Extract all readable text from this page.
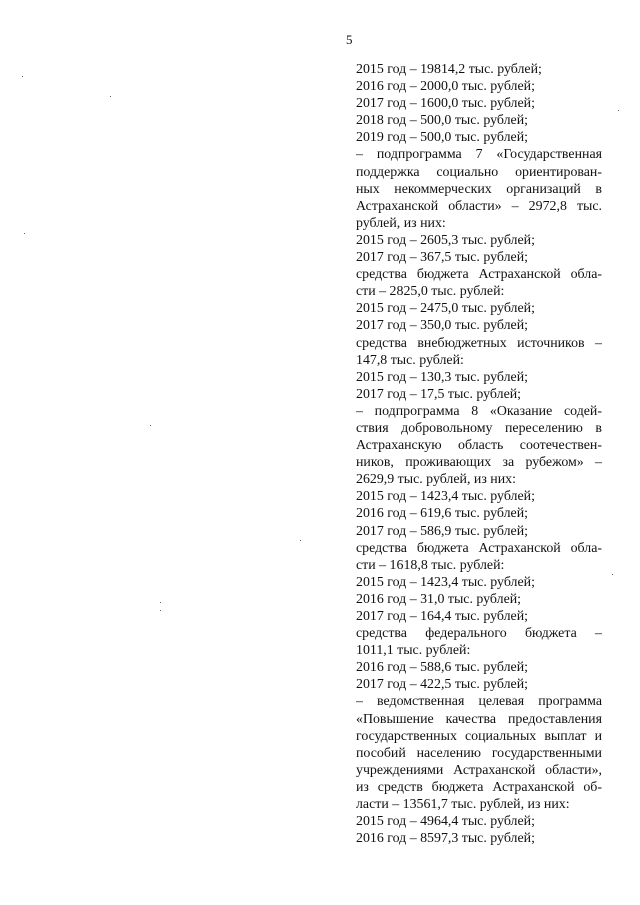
5
2015 год – 19814,2 тыс. рублей;
2016 год – 2000,0 тыс. рублей;
2017 год – 1600,0 тыс. рублей;
2018 год – 500,0 тыс. рублей;
2019 год – 500,0 тыс. рублей;
– подпрограмма 7 «Государственная
поддержка социально ориентирован-
ных некоммерческих организаций в
Астраханской области» – 2972,8 тыс.
рублей, из них:
2015 год – 2605,3 тыс. рублей;
2017 год – 367,5 тыс. рублей;
средства бюджета Астраханской обла-
сти – 2825,0 тыс. рублей:
2015 год – 2475,0 тыс. рублей;
2017 год – 350,0 тыс. рублей;
средства внебюджетных источников –
147,8 тыс. рублей:
2015 год – 130,3 тыс. рублей;
2017 год – 17,5 тыс. рублей;
– подпрограмма 8 «Оказание содей-
ствия добровольному переселению в
Астраханскую область соотечествен-
ников, проживающих за рубежом» –
2629,9 тыс. рублей, из них:
2015 год – 1423,4 тыс. рублей;
2016 год – 619,6 тыс. рублей;
2017 год – 586,9 тыс. рублей;
средства бюджета Астраханской обла-
сти – 1618,8 тыс. рублей:
2015 год – 1423,4 тыс. рублей;
2016 год – 31,0 тыс. рублей;
2017 год – 164,4 тыс. рублей;
средства федерального бюджета –
1011,1 тыс. рублей:
2016 год – 588,6 тыс. рублей;
2017 год – 422,5 тыс. рублей;
– ведомственная целевая программа
«Повышение качества предоставления
государственных социальных выплат и
пособий населению государственными
учреждениями Астраханской области»,
из средств бюджета Астраханской об-
ласти – 13561,7 тыс. рублей, из них:
2015 год – 4964,4 тыс. рублей;
2016 год – 8597,3 тыс. рублей;
